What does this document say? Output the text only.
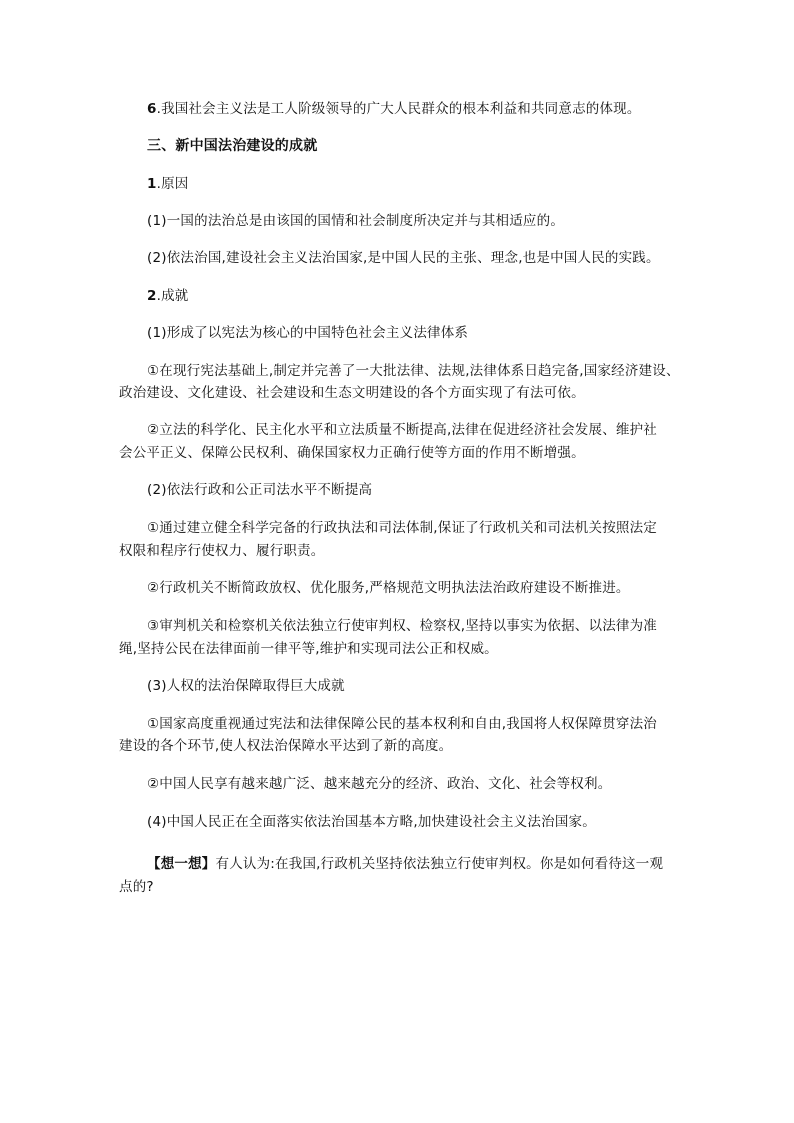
6.我国社会主义法是工人阶级领导的广大人民群众的根本利益和共同意志的体现。
三、新中国法治建设的成就
1.原因
(1)一国的法治总是由该国的国情和社会制度所决定并与其相适应的。
(2)依法治国,建设社会主义法治国家,是中国人民的主张、理念,也是中国人民的实践。
2.成就
(1)形成了以宪法为核心的中国特色社会主义法律体系
①在现行宪法基础上,制定并完善了一大批法律、法规,法律体系日趋完备,国家经济建设、
政治建设、文化建设、社会建设和生态文明建设的各个方面实现了有法可依。
②立法的科学化、民主化水平和立法质量不断提高,法律在促进经济社会发展、维护社
会公平正义、保障公民权利、确保国家权力正确行使等方面的作用不断增强。
(2)依法行政和公正司法水平不断提高
①通过建立健全科学完备的行政执法和司法体制,保证了行政机关和司法机关按照法定
权限和程序行使权力、履行职责。
②行政机关不断简政放权、优化服务,严格规范文明执法法治政府建设不断推进。
③审判机关和检察机关依法独立行使审判权、检察权,坚持以事实为依据、以法律为准
绳,坚持公民在法律面前一律平等,维护和实现司法公正和权威。
(3)人权的法治保障取得巨大成就
①国家高度重视通过宪法和法律保障公民的基本权利和自由,我国将人权保障贯穿法治
建设的各个环节,使人权法治保障水平达到了新的高度。
②中国人民享有越来越广泛、越来越充分的经济、政治、文化、社会等权利。
(4)中国人民正在全面落实依法治国基本方略,加快建设社会主义法治国家。
【想一想】有人认为:在我国,行政机关坚持依法独立行使审判权。你是如何看待这一观
点的?
